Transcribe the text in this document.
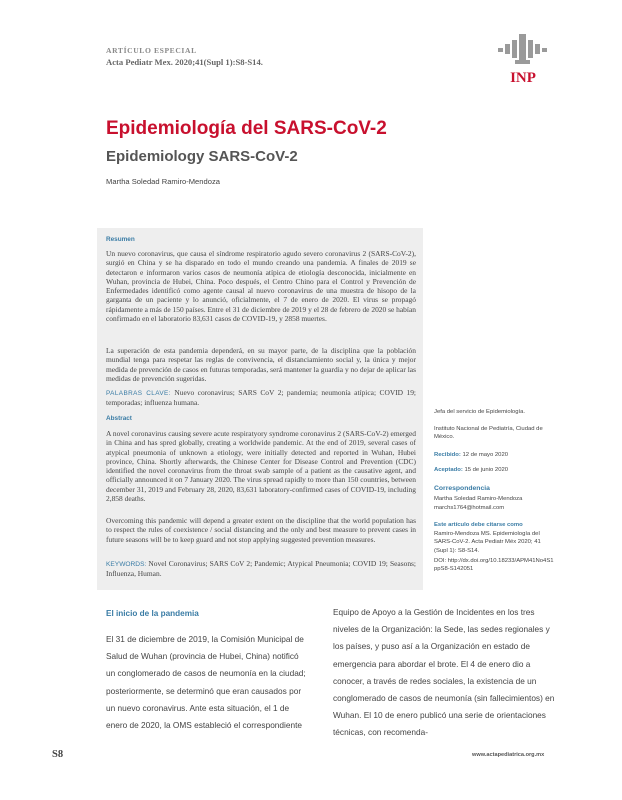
ARTÍCULO ESPECIAL
Acta Pediatr Mex. 2020;41(Supl 1):S8-S14.
INP
Epidemiología del SARS-CoV-2
Epidemiology SARS-CoV-2
Martha Soledad Ramiro-Mendoza
Resumen
Un nuevo coronavirus, que causa el síndrome respiratorio agudo severo coronavirus 2 (SARS-CoV-2), surgió en China y se ha disparado en todo el mundo creando una pandemia. A finales de 2019 se detectaron e informaron varios casos de neumonía atípica de etiología desconocida, inicialmente en Wuhan, provincia de Hubei, China. Poco después, el Centro Chino para el Control y Prevención de Enfermedades identificó como agente causal al nuevo coronavirus de una muestra de hisopo de la garganta de un paciente y lo anunció, oficialmente, el 7 de enero de 2020. El virus se propagó rápidamente a más de 150 países. Entre el 31 de diciembre de 2019 y el 28 de febrero de 2020 se habían confirmado en el laboratorio 83,631 casos de COVID-19, y 2858 muertes.
La superación de esta pandemia dependerá, en su mayor parte, de la disciplina que la población mundial tenga para respetar las reglas de convivencia, el distanciamiento social y, la única y mejor medida de prevención de casos en futuras temporadas, será mantener la guardia y no dejar de aplicar las medidas de prevención sugeridas.
PALABRAS CLAVE: Nuevo coronavirus; SARS CoV 2; pandemia; neumonía atípica; COVID 19; temporadas; influenza humana.
Abstract
A novel coronavirus causing severe acute respiratyory syndrome coronavirus 2 (SARS-CoV-2) emerged in China and has spred globally, creating a worldwide pandemic. At the end of 2019, several cases of atypical pneumonia of unknown a etiology, were initially detected and reported in Wuhan, Hubei province, China. Shortly afterwards, the Chinese Center for Disease Control and Prevention (CDC) identified the novel coronavirus from the throat swab sample of a patient as the causative agent, and officially announced it on 7 January 2020. The virus spread rapidly to more than 150 countries, between december 31, 2019 and February 28, 2020, 83,631 laboratory-confirmed cases of COVID-19, including 2,858 deaths.
Overcoming this pandemic will depend a greater extent on the discipline that the world population has to respect the rules of coexistence / social distancing and the only and best measure to prevent cases in future seasons will be to keep guard and not stop applying suggested prevention measures.
KEYWORDS: Novel Coronavirus; SARS CoV 2; Pandemic; Atypical Pneumonia; COVID 19; Seasons; Influenza, Human.
Jefa del servicio de Epidemiología.
Instituto Nacional de Pediatría, Ciudad de México.
Recibido: 12 de mayo 2020
Aceptado: 15 de junio 2020
Correspondencia
Martha Soledad Ramiro-Mendoza
marchs1764@hotmail.com
Este artículo debe citarse como
Ramiro-Mendoza MS. Epidemiología del SARS-CoV-2. Acta Pediatr Méx 2020; 41 (Supl 1): S8-S14.
DOI: http://dx.doi.org/10.18233/APM41No4S1ppS8-S142051
El inicio de la pandemia
El 31 de diciembre de 2019, la Comisión Municipal de Salud de Wuhan (provincia de Hubei, China) notificó un conglomerado de casos de neumonía en la ciudad; posteriormente, se determinó que eran causados por un nuevo coronavirus. Ante esta situación, el 1 de enero de 2020, la OMS estableció el correspondiente
Equipo de Apoyo a la Gestión de Incidentes en los tres niveles de la Organización: la Sede, las sedes regionales y los países, y puso así a la Organización en estado de emergencia para abordar el brote. El 4 de enero dio a conocer, a través de redes sociales, la existencia de un conglomerado de casos de neumonía (sin fallecimientos) en Wuhan. El 10 de enero publicó una serie de orientaciones técnicas, con recomenda-
S8	www.actapediatrica.org.mx
